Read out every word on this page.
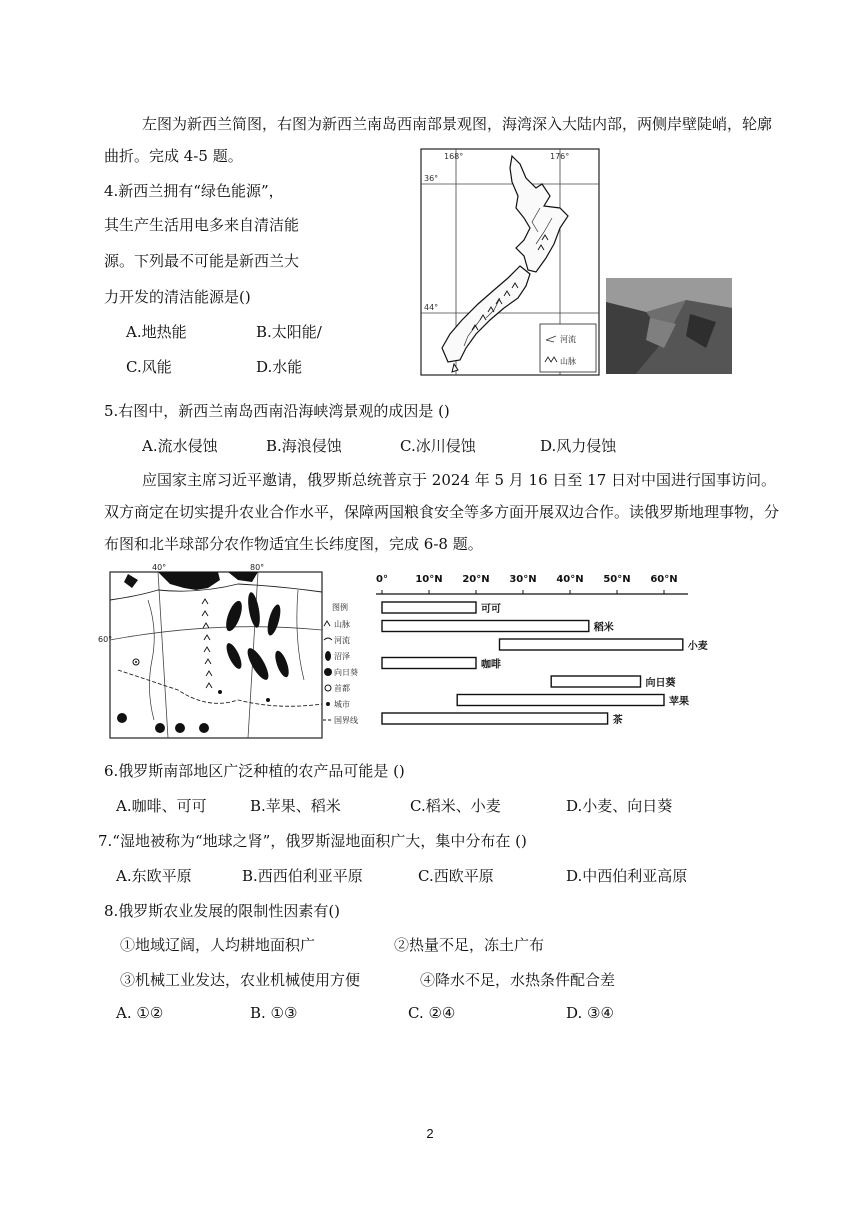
左图为新西兰简图，右图为新西兰南岛西南部景观图，海湾深入大陆内部，两侧岸壁陡峭，轮廓曲折。完成 4-5 题。
4.新西兰拥有“绿色能源”，
其生产生活用电多来自清洁能
源。下列最不可能是新西兰大
力开发的清洁能源是()
A.地热能	B.太阳能/
C.风能	D.水能
168°	176°
36°
44°
河流
山脉
5.右图中，新西兰南岛西南沿海峡湾景观的成因是 ()
A.流水侵蚀	B.海浪侵蚀	C.冰川侵蚀	D.风力侵蚀
应国家主席习近平邀请，俄罗斯总统普京于 2024 年 5 月 16 日至 17 日对中国进行国事访问。双方商定在切实提升农业合作水平，保障两国粮食安全等多方面开展双边合作。读俄罗斯地理事物，分布图和北半球部分农作物适宜生长纬度图，完成 6-8 题。
40°	80°
60°
图例
山脉
河流
沼泽
向日葵
首都
城市
国界线
0°	10°N 20°N 30°N 40°N 50°N 60°N
可可
稻米
小麦
咖啡
向日葵
苹果
茶
6.俄罗斯南部地区广泛种植的农产品可能是 ()
A.咖啡、可可	B.苹果、稻米	C.稻米、小麦	D.小麦、向日葵
7.“湿地被称为“地球之肾”，俄罗斯湿地面积广大，集中分布在 ()
A.东欧平原	B.西西伯利亚平原	C.西欧平原	D.中西伯利亚高原
8.俄罗斯农业发展的限制性因素有()
①地域辽阔，人均耕地面积广	②热量不足，冻土广布
③机械工业发达，农业机械使用方便	④降水不足，水热条件配合差
A. ①②	B. ①③	C. ②④	D. ③④
2
